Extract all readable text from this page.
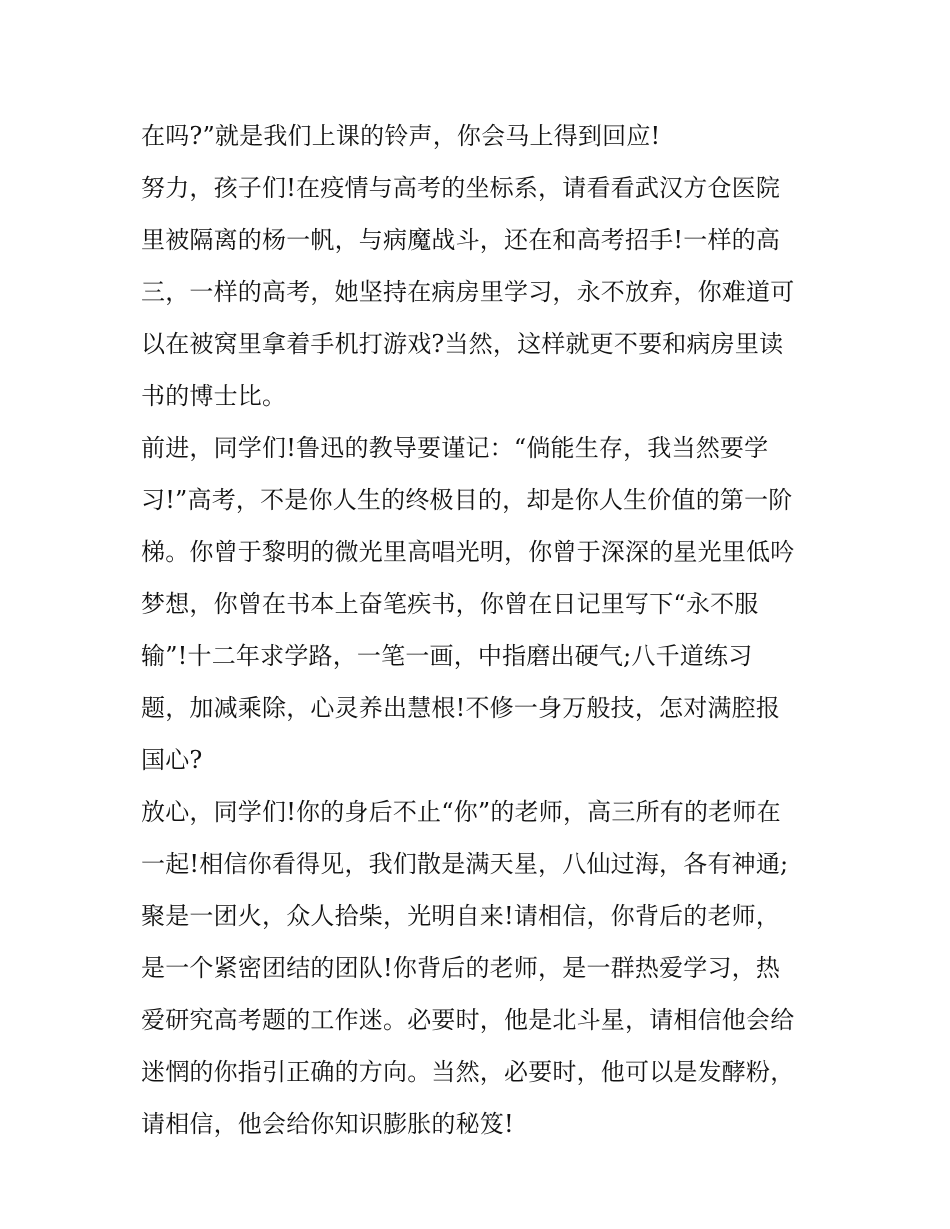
在吗?”就是我们上课的铃声，你会马上得到回应!
努力，孩子们!在疫情与高考的坐标系，请看看武汉方仓医院
里被隔离的杨一帆，与病魔战斗，还在和高考招手!一样的高
三，一样的高考，她坚持在病房里学习，永不放弃，你难道可
以在被窝里拿着手机打游戏?当然，这样就更不要和病房里读
书的博士比。
前进，同学们!鲁迅的教导要谨记：“倘能生存，我当然要学
习!”高考，不是你人生的终极目的，却是你人生价值的第一阶
梯。你曾于黎明的微光里高唱光明，你曾于深深的星光里低吟
梦想，你曾在书本上奋笔疾书，你曾在日记里写下“永不服
输”!十二年求学路，一笔一画，中指磨出硬气;八千道练习
题，加减乘除，心灵养出慧根!不修一身万般技，怎对满腔报
国心?
放心，同学们!你的身后不止“你”的老师，高三所有的老师在
一起!相信你看得见，我们散是满天星，八仙过海，各有神通;
聚是一团火，众人拾柴，光明自来!请相信，你背后的老师，
是一个紧密团结的团队!你背后的老师，是一群热爱学习，热
爱研究高考题的工作迷。必要时，他是北斗星，请相信他会给
迷惘的你指引正确的方向。当然，必要时，他可以是发酵粉，
请相信，他会给你知识膨胀的秘笈!
